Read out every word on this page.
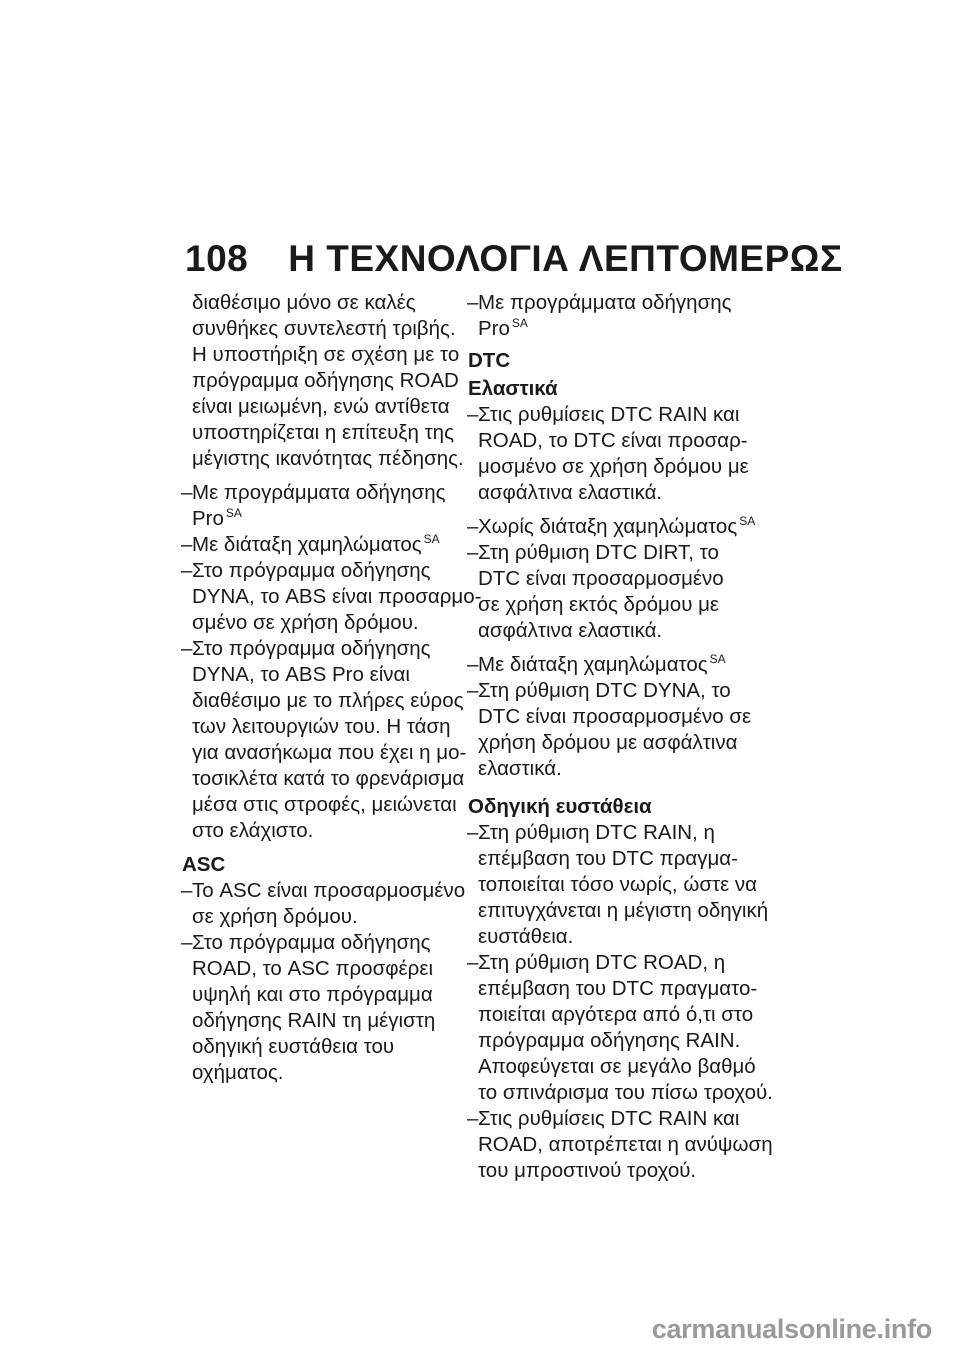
108 Η ΤΕΧΝΟΛΟΓΙΑ ΛΕΠΤΟΜΕΡΩΣ
διαθέσιμο μόνο σε καλές
συνθήκες συντελεστή τριβής.
Η υποστήριξη σε σχέση με το
πρόγραμμα οδήγησης ROAD
είναι μειωμένη, ενώ αντίθετα
υποστηρίζεται η επίτευξη της
μέγιστης ικανότητας πέδησης.
– Με προγράμματα οδήγησης
Pro $^{SA}$
– Με διάταξη χαμηλώματος $^{SA}$
– Στο πρόγραμμα οδήγησης
DYNA, το ABS είναι προσαρμο-
σμένο σε χρήση δρόμου.
– Στο πρόγραμμα οδήγησης
DYNA, το ABS Pro είναι
διαθέσιμο με το πλήρες εύρος
των λειτουργιών του. Η τάση
για ανασήκωμα που έχει η μο-
τοσικλέτα κατά το φρενάρισμα
μέσα στις στροφές, μειώνεται
στο ελάχιστο.
ASC
– Το ASC είναι προσαρμοσμένο
σε χρήση δρόμου.
– Στο πρόγραμμα οδήγησης
ROAD, το ASC προσφέρει
υψηλή και στο πρόγραμμα
οδήγησης RAIN τη μέγιστη
οδηγική ευστάθεια του
οχήματος.
– Με προγράμματα οδήγησης
Pro $^{SA}$
DTC
Ελαστικά
– Στις ρυθμίσεις DTC RAIN και
ROAD, το DTC είναι προσαρ-
μοσμένο σε χρήση δρόμου με
ασφάλτινα ελαστικά.
– Χωρίς διάταξη χαμηλώματος $^{SA}$
– Στη ρύθμιση DTC DIRT, το
DTC είναι προσαρμοσμένο
σε χρήση εκτός δρόμου με
ασφάλτινα ελαστικά.
– Με διάταξη χαμηλώματος $^{SA}$
– Στη ρύθμιση DTC DYNA, το
DTC είναι προσαρμοσμένο σε
χρήση δρόμου με ασφάλτινα
ελαστικά.
Οδηγική ευστάθεια
– Στη ρύθμιση DTC RAIN, η
επέμβαση του DTC πραγμα-
τοποιείται τόσο νωρίς, ώστε να
επιτυγχάνεται η μέγιστη οδηγική
ευστάθεια.
– Στη ρύθμιση DTC ROAD, η
επέμβαση του DTC πραγματο-
ποιείται αργότερα από ό,τι στο
πρόγραμμα οδήγησης RAIN.
Αποφεύγεται σε μεγάλο βαθμό
το σπινάρισμα του πίσω τροχού.
– Στις ρυθμίσεις DTC RAIN και
ROAD, αποτρέπεται η ανύψωση
του μπροστινού τροχού.
carmanualsonline.info
